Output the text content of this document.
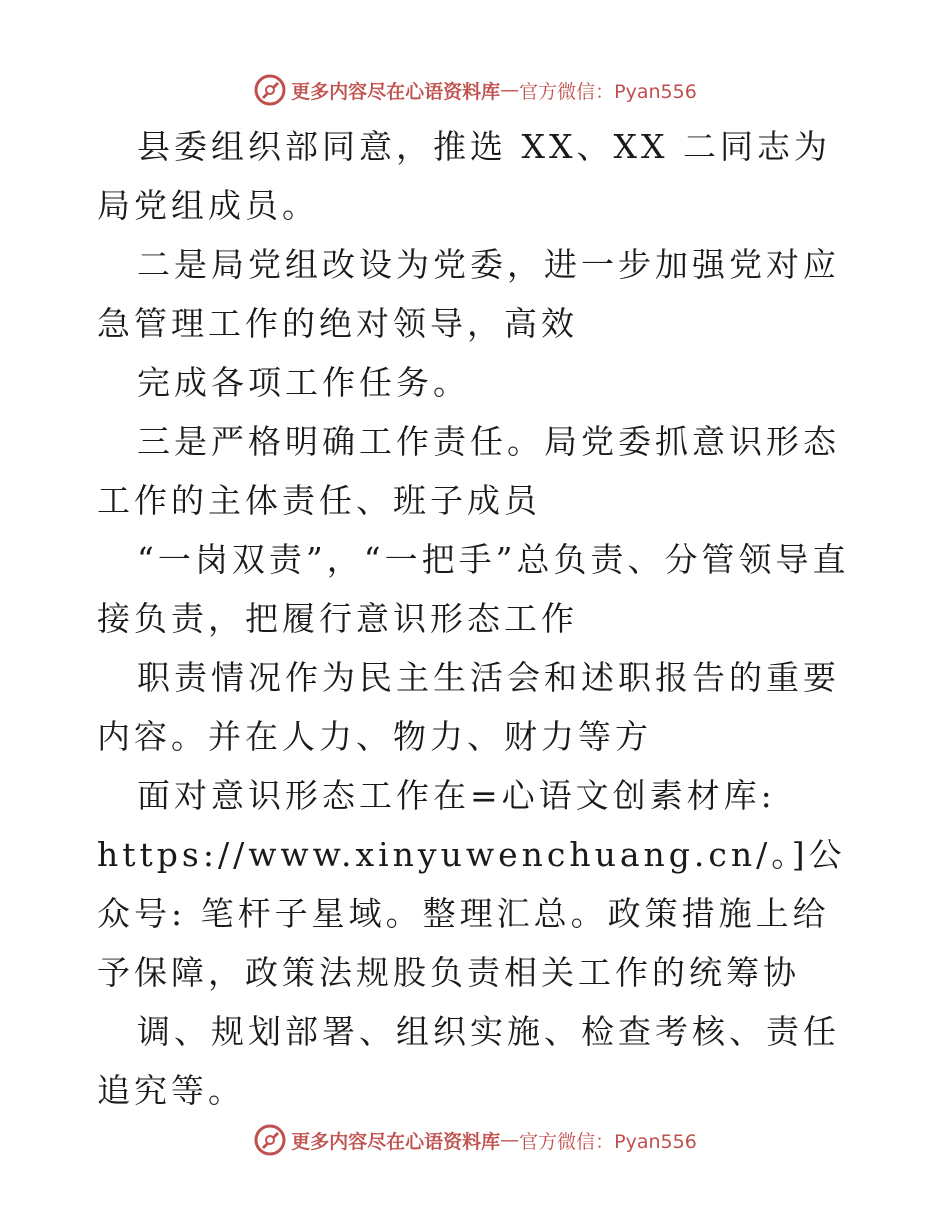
更多内容尽在心语资料库 — 官方微信：Pyan556

县委组织部同意，推选 XX、XX 二同志为局党组成员。

二是局党组改设为党委，进一步加强党对应急管理工作的绝对领导，高效

完成各项工作任务。

三是严格明确工作责任。局党委抓意识形态工作的主体责任、班子成员

“一岗双责”，“一把手”总负责、分管领导直接负责，把履行意识形态工作

职责情况作为民主生活会和述职报告的重要内容。并在人力、物力、财力等方

面对意识形态工作在=心语文创素材库:

https://www.xinyuwenchuang.cn/。]公众号: 笔杆子星域。整理汇总。政策措施上给予保障，政策法规股负责相关工作的统筹协

调、规划部署、组织实施、检查考核、责任追究等。

更多内容尽在心语资料库 — 官方微信：Pyan556
